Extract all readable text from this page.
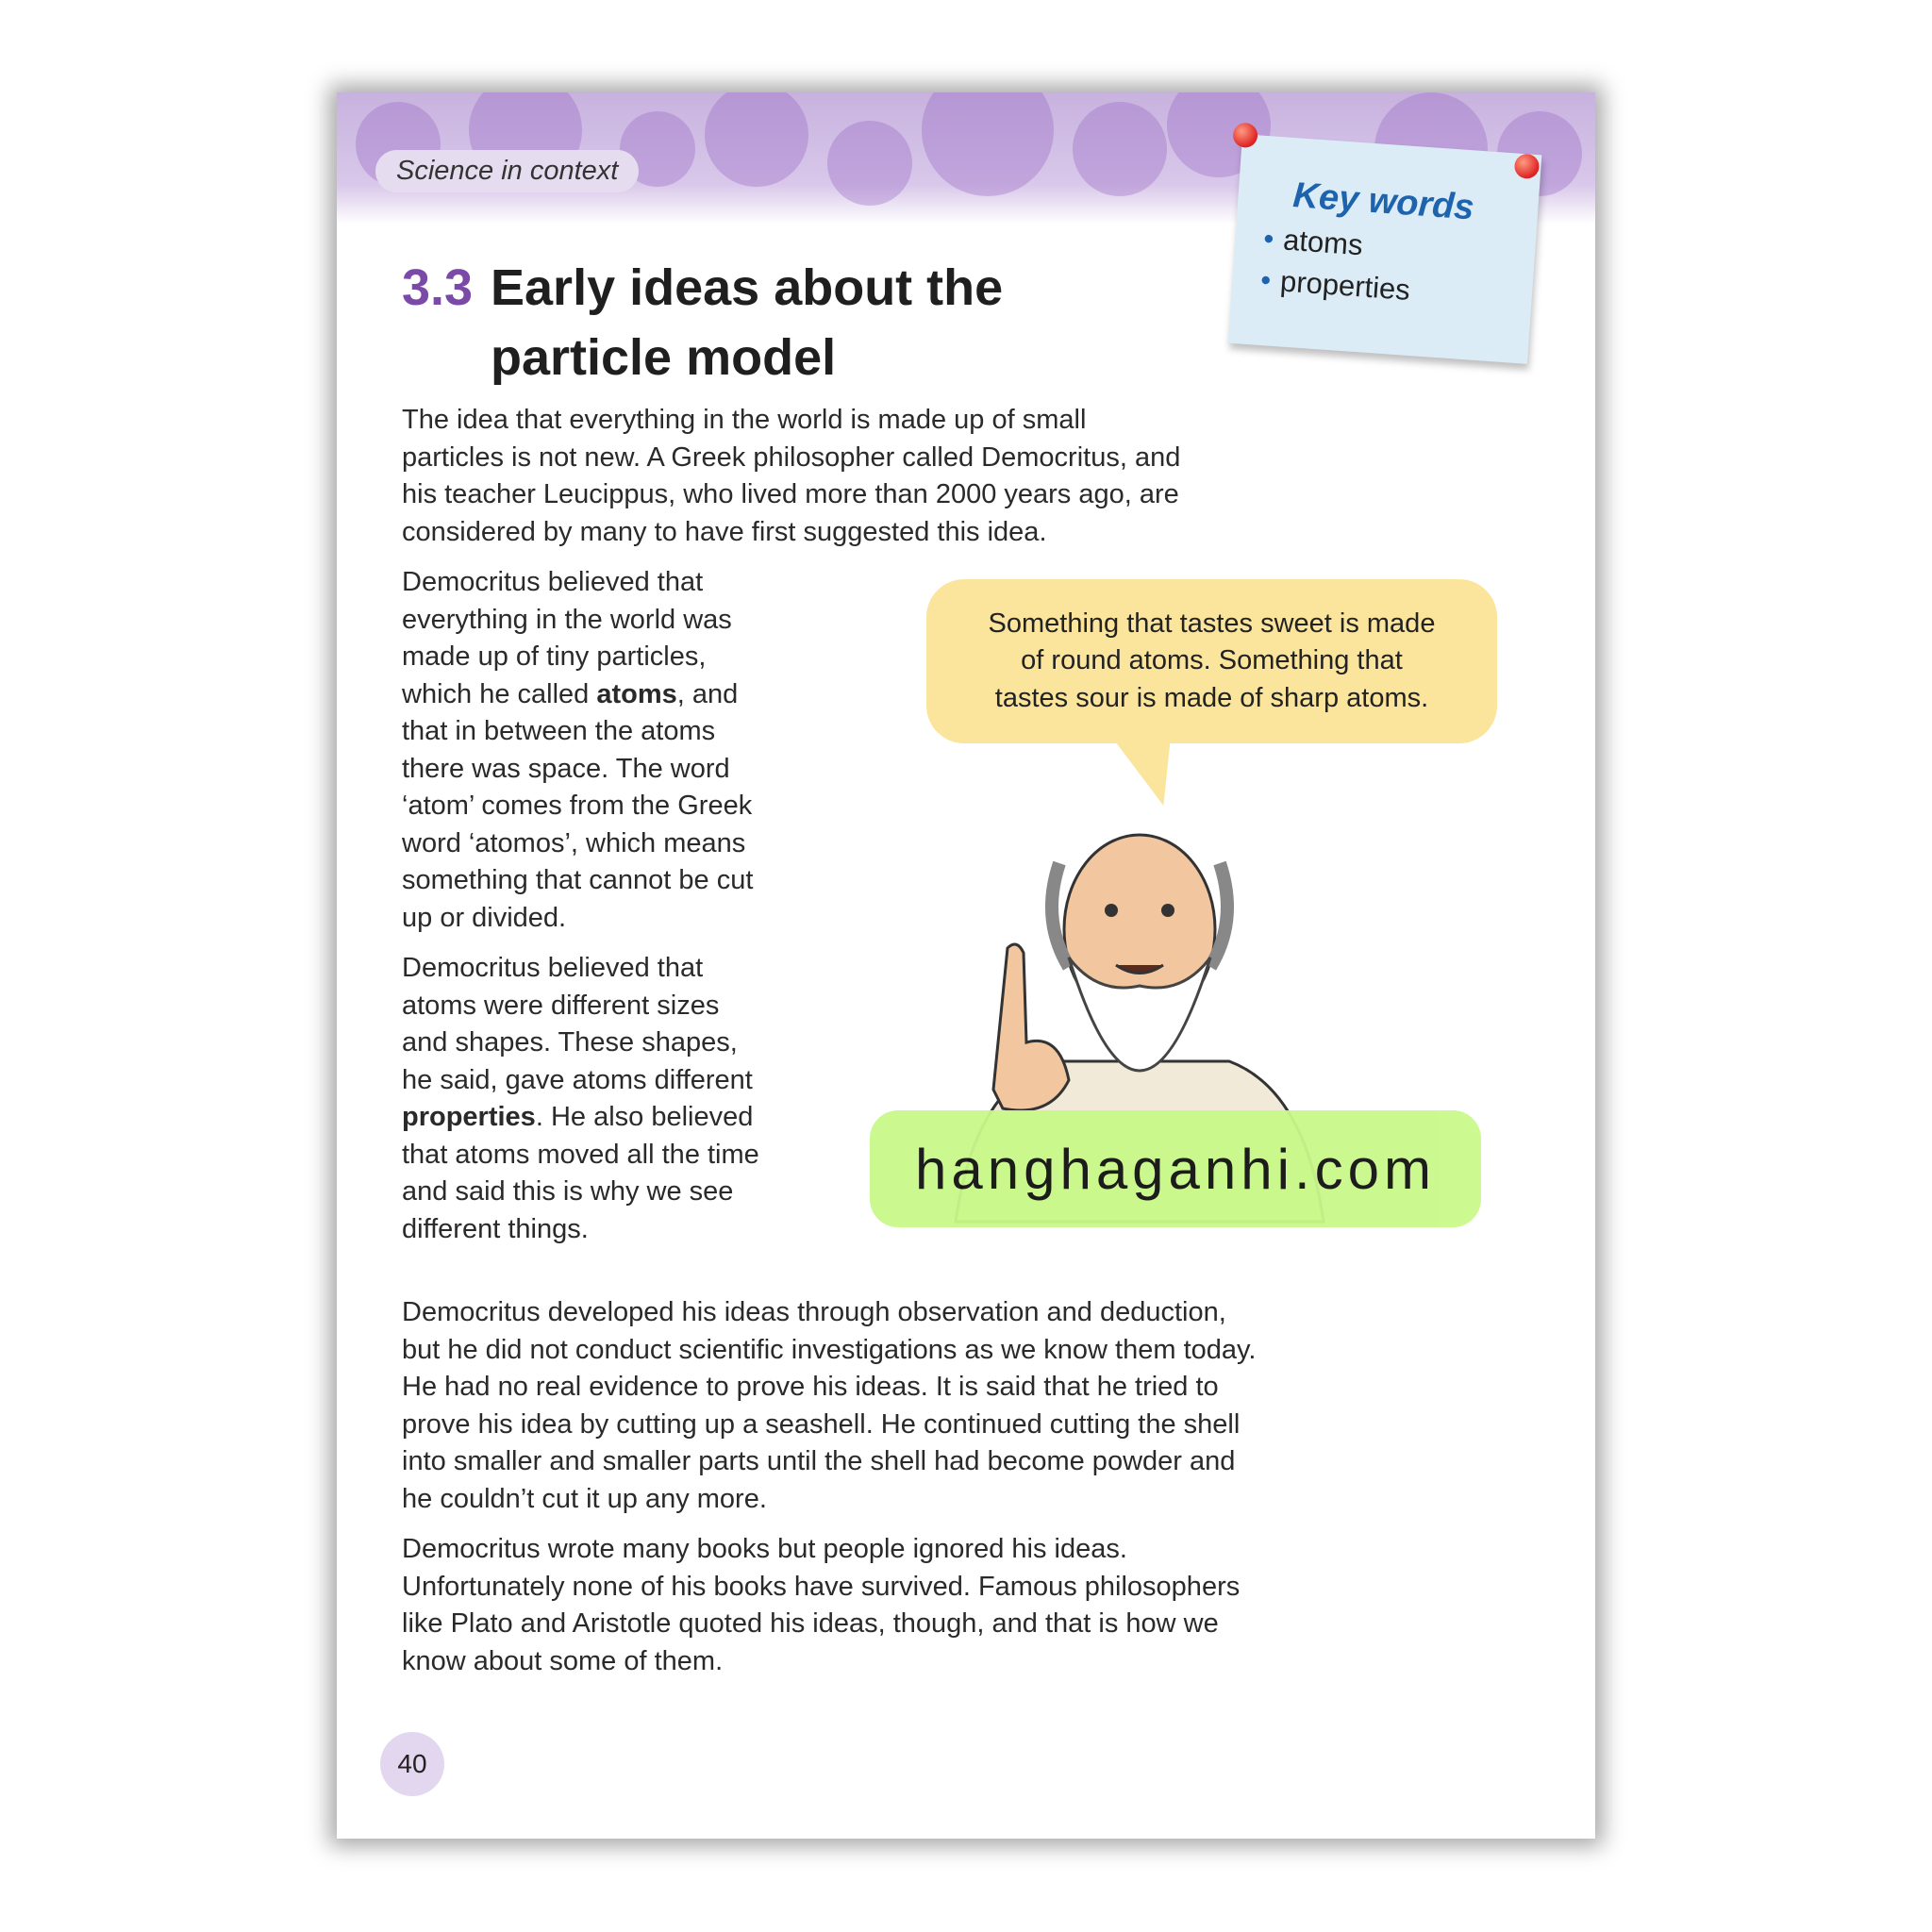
Science in context
3.3 Early ideas about the
particle model
Key words
• atoms
• properties
The idea that everything in the world is made up of small
particles is not new. A Greek philosopher called Democritus, and
his teacher Leucippus, who lived more than 2000 years ago, are
considered by many to have first suggested this idea.
Democritus believed that
everything in the world was
made up of tiny particles,
which he called atoms, and
that in between the atoms
there was space. The word
‘atom’ comes from the Greek
word ‘atomos’, which means
something that cannot be cut
up or divided.
Democritus believed that
atoms were different sizes
and shapes. These shapes,
he said, gave atoms different
properties. He also believed
that atoms moved all the time
and said this is why we see
different things.
Something that tastes sweet is made
of round atoms. Something that
tastes sour is made of sharp atoms.
hanghaganhi.com
Democritus developed his ideas through observation and deduction,
but he did not conduct scientific investigations as we know them today.
He had no real evidence to prove his ideas. It is said that he tried to
prove his idea by cutting up a seashell. He continued cutting the shell
into smaller and smaller parts until the shell had become powder and
he couldn’t cut it up any more.
Democritus wrote many books but people ignored his ideas.
Unfortunately none of his books have survived. Famous philosophers
like Plato and Aristotle quoted his ideas, though, and that is how we
know about some of them.
40
